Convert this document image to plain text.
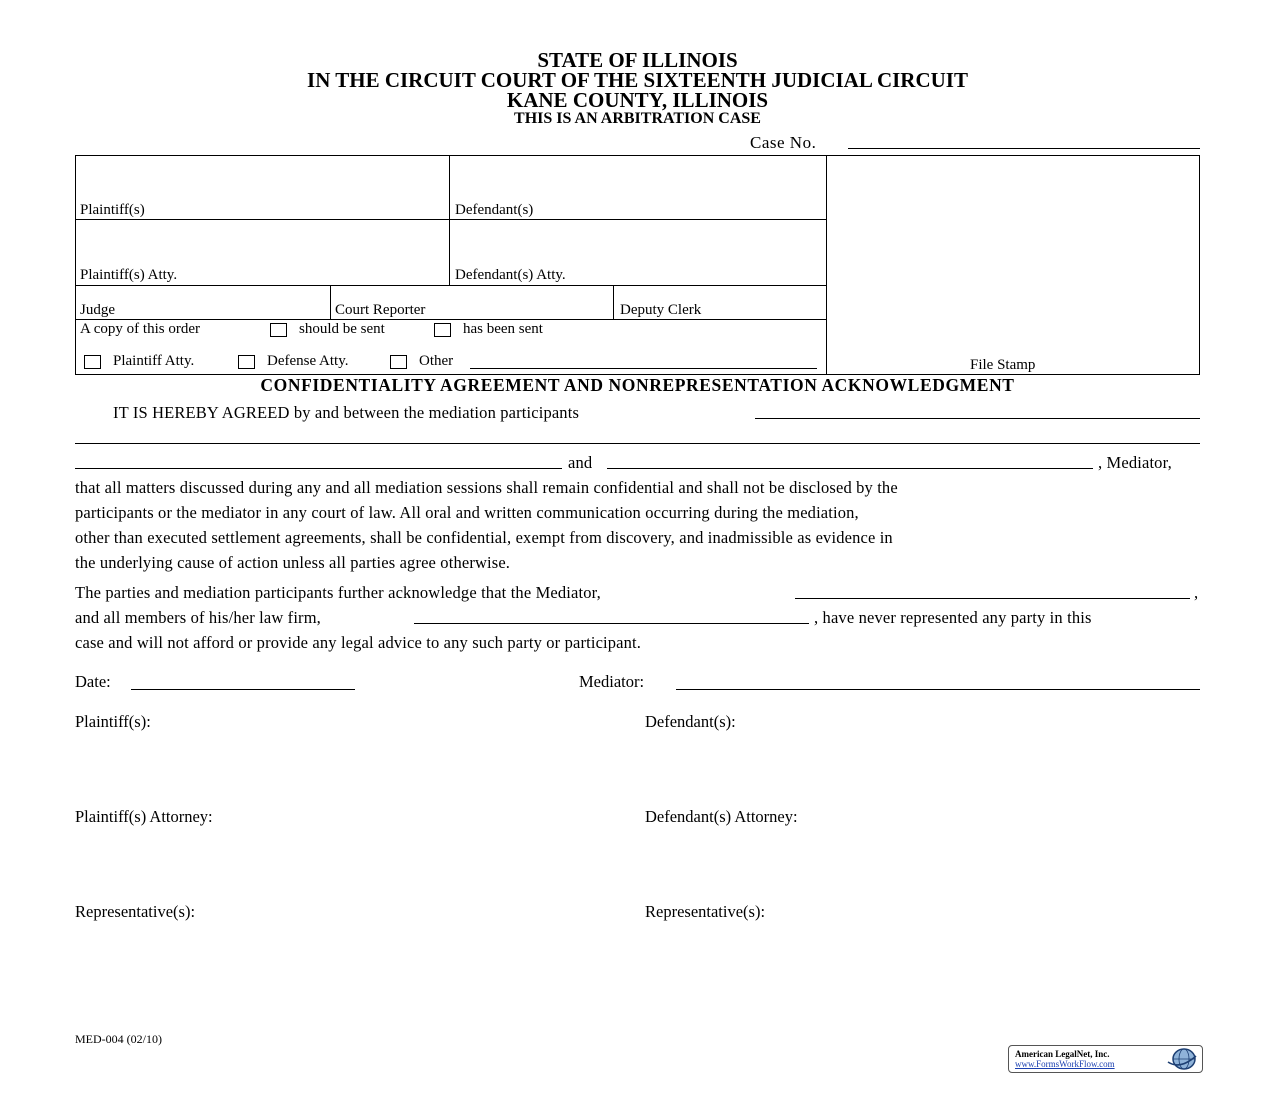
STATE OF ILLINOIS
IN THE CIRCUIT COURT OF THE SIXTEENTH JUDICIAL CIRCUIT
KANE COUNTY, ILLINOIS
THIS IS AN ARBITRATION CASE
Case No.
Plaintiff(s)	Defendant(s)
Plaintiff(s) Atty.	Defendant(s) Atty.
Judge	Court Reporter	Deputy Clerk
A copy of this order	should be sent	has been sent
Plaintiff Atty.	Defense Atty.	Other	File Stamp
CONFIDENTIALITY AGREEMENT AND NONREPRESENTATION ACKNOWLEDGMENT
IT IS HEREBY AGREED by and between the mediation participants
and	, Mediator,
that all matters discussed during any and all mediation sessions shall remain confidential and shall not be disclosed by the
participants or the mediator in any court of law. All oral and written communication occurring during the mediation,
other than executed settlement agreements, shall be confidential, exempt from discovery, and inadmissible as evidence in
the underlying cause of action unless all parties agree otherwise.
The parties and mediation participants further acknowledge that the Mediator,	,
and all members of his/her law firm,	, have never represented any party in this
case and will not afford or provide any legal advice to any such party or participant.
Date:	Mediator:
Plaintiff(s):	Defendant(s):
Plaintiff(s) Attorney:	Defendant(s) Attorney:
Representative(s):	Representative(s):
MED-004 (02/10)
American LegalNet, Inc.
www.FormsWorkFlow.com
